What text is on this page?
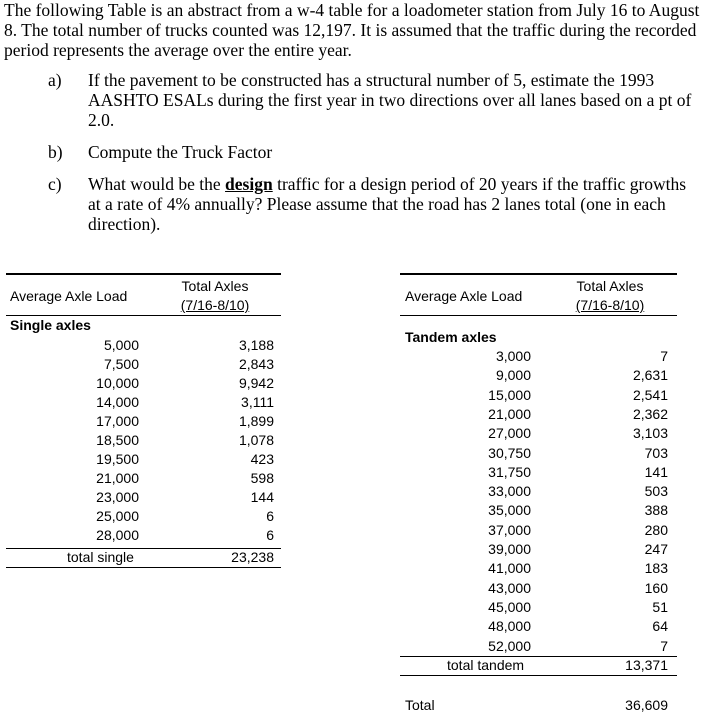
The following Table is an abstract from a w-4 table for a loadometer station from July 16 to August 8. The total number of trucks counted was 12,197. It is assumed that the traffic during the recorded period represents the average over the entire year.
a)	If the pavement to be constructed has a structural number of 5, estimate the 1993 AASHTO ESALs during the first year in two directions over all lanes based on a pt of 2.0.
b)	Compute the Truck Factor
c)	What would be the design traffic for a design period of 20 years if the traffic growths at a rate of 4% annually? Please assume that the road has 2 lanes total (one in each direction).
Average Axle Load
Total Axles
(7/16-8/10)
Single axles
5,000	3,188
7,500	2,843
10,000	9,942
14,000	3,111
17,000	1,899
18,500	1,078
19,500	423
21,000	598
23,000	144
25,000	6
28,000	6
total single	23,238
Average Axle Load
Total Axles
(7/16-8/10)
Tandem axles
3,000	7
9,000	2,631
15,000	2,541
21,000	2,362
27,000	3,103
30,750	703
31,750	141
33,000	503
35,000	388
37,000	280
39,000	247
41,000	183
43,000	160
45,000	51
48,000	64
52,000	7
total tandem	13,371
Total	36,609
